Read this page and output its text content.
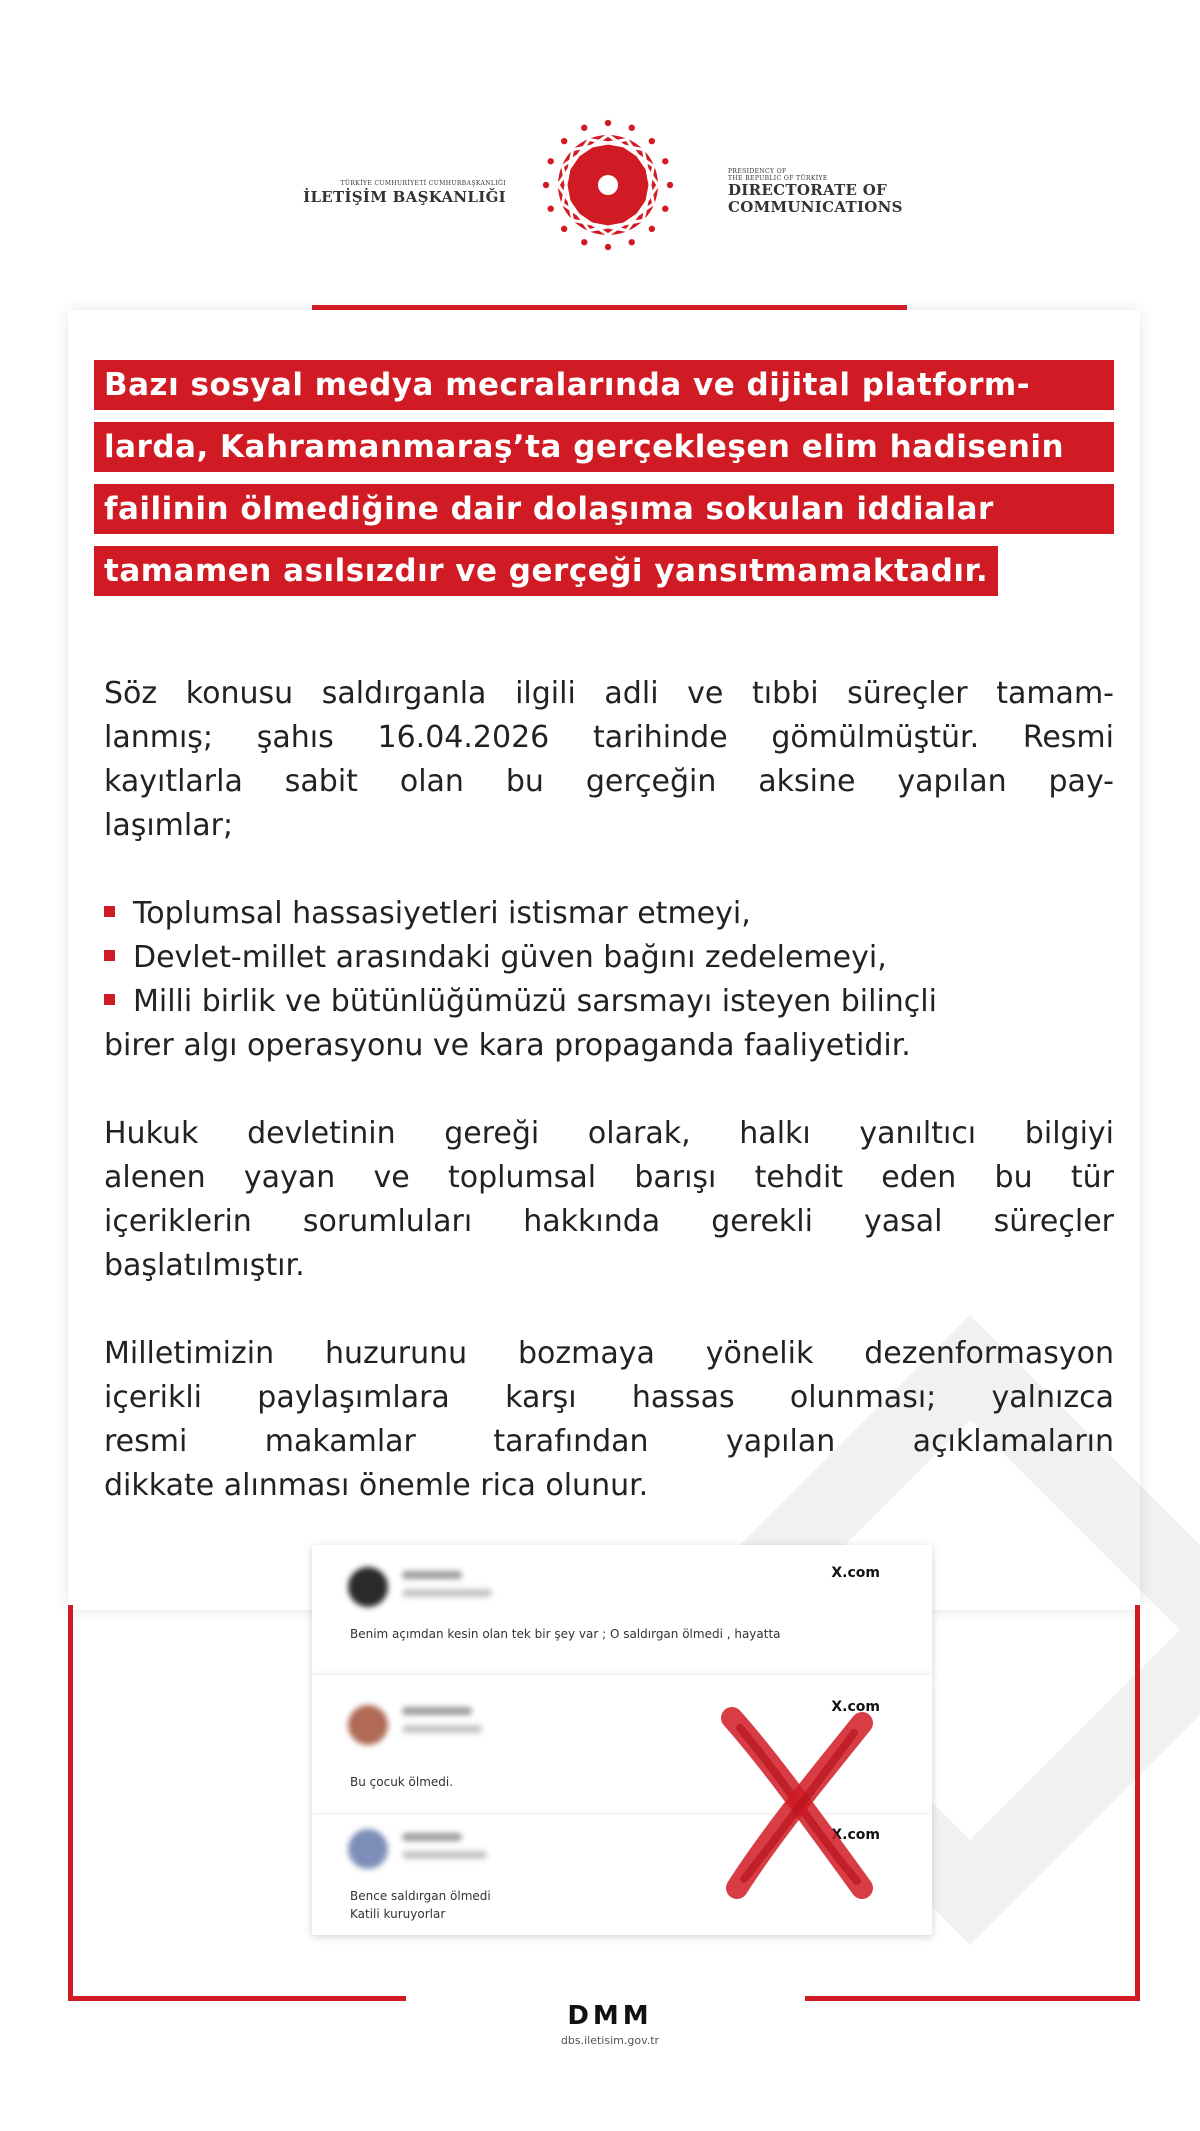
TÜRKİYE CUMHURİYETİ CUMHURBAŞKANLIĞI
İLETİŞİM BAŞKANLIĞI
PRESIDENCY OF
THE REPUBLIC OF TÜRKİYE
DIRECTORATE OF
COMMUNICATIONS
Bazı sosyal medya mecralarında ve dijital platform-
larda, Kahramanmaraş’ta gerçekleşen elim hadisenin
failinin ölmediğine dair dolaşıma sokulan iddialar
tamamen asılsızdır ve gerçeği yansıtmamaktadır.
Söz konusu saldırganla ilgili adli ve tıbbi süreçler tamam-
lanmış; şahıs 16.04.2026 tarihinde gömülmüştür. Resmi
kayıtlarla sabit olan bu gerçeğin aksine yapılan pay-
laşımlar;
Toplumsal hassasiyetleri istismar etmeyi,
Devlet-millet arasındaki güven bağını zedelemeyi,
Milli birlik ve bütünlüğümüzü sarsmayı isteyen bilinçli
birer algı operasyonu ve kara propaganda faaliyetidir.
Hukuk devletinin gereği olarak, halkı yanıltıcı bilgiyi
alenen yayan ve toplumsal barışı tehdit eden bu tür
içeriklerin sorumluları hakkında gerekli yasal süreçler
başlatılmıştır.
Milletimizin huzurunu bozmaya yönelik dezenformasyon
içerikli paylaşımlara karşı hassas olunması; yalnızca
resmi makamlar tarafından yapılan açıklamaların
dikkate alınması önemle rica olunur.
X.com
Benim açımdan kesin olan tek bir şey var ; O saldırgan ölmedi , hayatta
X.com
Bu çocuk ölmedi.
X.com
Bence saldırgan ölmedi
Katili kuruyorlar
DMM
dbs.iletisim.gov.tr
